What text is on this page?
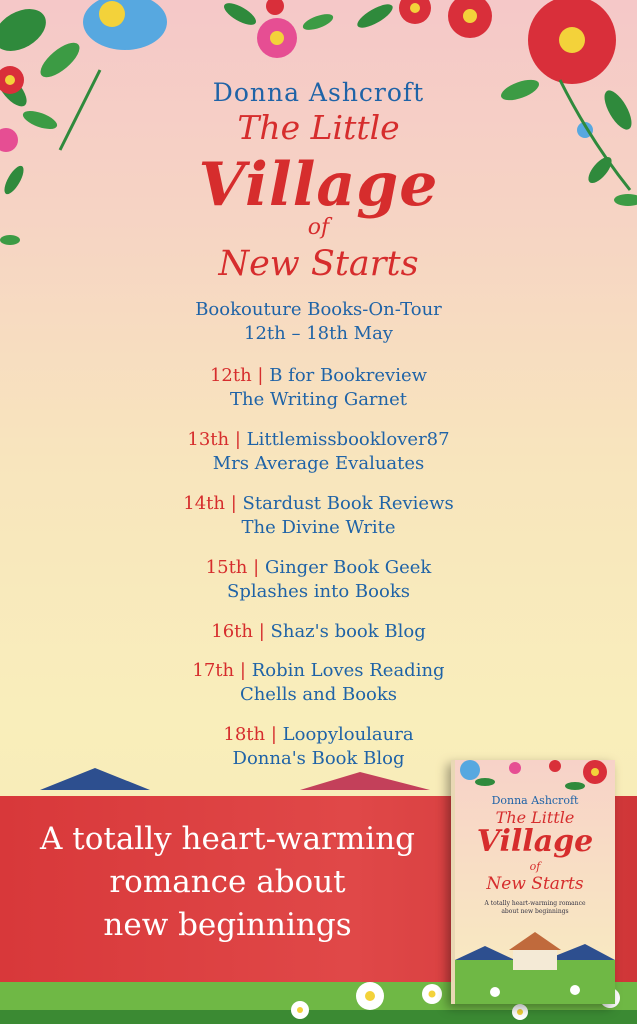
Donna Ashcroft
The Little
Village
of
New Starts
Bookouture Books-On-Tour
12th – 18th May
12th | B for Bookreview
The Writing Garnet
13th | Littlemissbooklover87
Mrs Average Evaluates
14th | Stardust Book Reviews
The Divine Write
15th | Ginger Book Geek
Splashes into Books
16th | Shaz's book Blog
17th | Robin Loves Reading
Chells and Books
18th | Loopyloulaura
Donna's Book Blog
A totally heart-warming
romance about
new beginnings
Donna Ashcroft
The Little
Village
of
New Starts
A totally heart-warming romance about new beginnings
